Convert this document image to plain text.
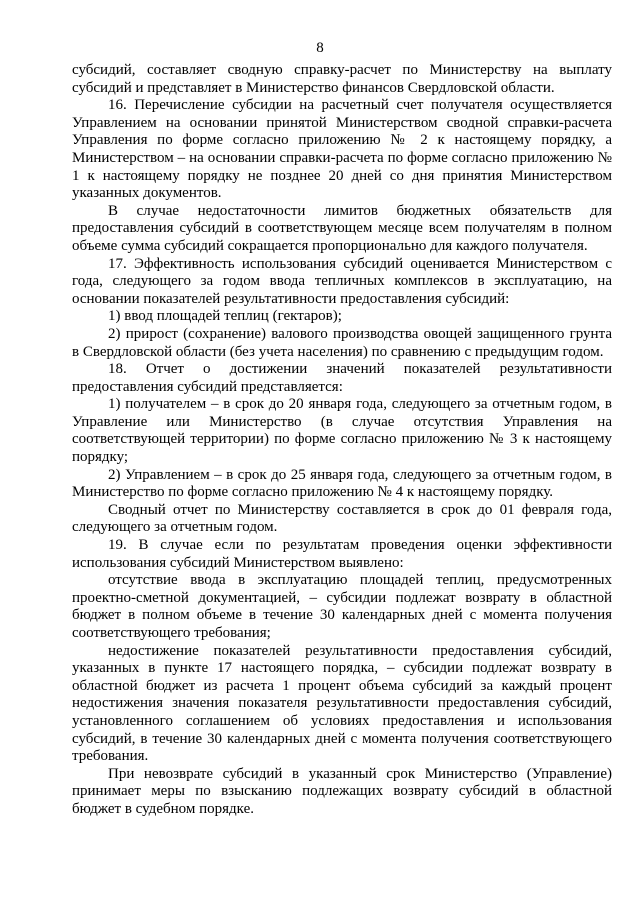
8

субсидий, составляет сводную справку-расчет по Министерству на выплату субсидий и представляет в Министерство финансов Свердловской области.

16. Перечисление субсидии на расчетный счет получателя осуществляется Управлением на основании принятой Министерством сводной справки-расчета Управления по форме согласно приложению № 2 к настоящему порядку, а Министерством – на основании справки-расчета по форме согласно приложению № 1 к настоящему порядку не позднее 20 дней со дня принятия Министерством указанных документов.

В случае недостаточности лимитов бюджетных обязательств для предоставления субсидий в соответствующем месяце всем получателям в полном объеме сумма субсидий сокращается пропорционально для каждого получателя.

17. Эффективность использования субсидий оценивается Министерством с года, следующего за годом ввода тепличных комплексов в эксплуатацию, на основании показателей результативности предоставления субсидий:

1) ввод площадей теплиц (гектаров);

2) прирост (сохранение) валового производства овощей защищенного грунта в Свердловской области (без учета населения) по сравнению с предыдущим годом.

18. Отчет о достижении значений показателей результативности предоставления субсидий представляется:

1) получателем – в срок до 20 января года, следующего за отчетным годом, в Управление или Министерство (в случае отсутствия Управления на соответствующей территории) по форме согласно приложению № 3 к настоящему порядку;

2) Управлением – в срок до 25 января года, следующего за отчетным годом, в Министерство по форме согласно приложению № 4 к настоящему порядку.

Сводный отчет по Министерству составляется в срок до 01 февраля года, следующего за отчетным годом.

19. В случае если по результатам проведения оценки эффективности использования субсидий Министерством выявлено:

отсутствие ввода в эксплуатацию площадей теплиц, предусмотренных проектно-сметной документацией, – субсидии подлежат возврату в областной бюджет в полном объеме в течение 30 календарных дней с момента получения соответствующего требования;

недостижение показателей результативности предоставления субсидий, указанных в пункте 17 настоящего порядка, – субсидии подлежат возврату в областной бюджет из расчета 1 процент объема субсидий за каждый процент недостижения значения показателя результативности предоставления субсидий, установленного соглашением об условиях предоставления и использования субсидий, в течение 30 календарных дней с момента получения соответствующего требования.

При невозврате субсидий в указанный срок Министерство (Управление) принимает меры по взысканию подлежащих возврату субсидий в областной бюджет в судебном порядке.
